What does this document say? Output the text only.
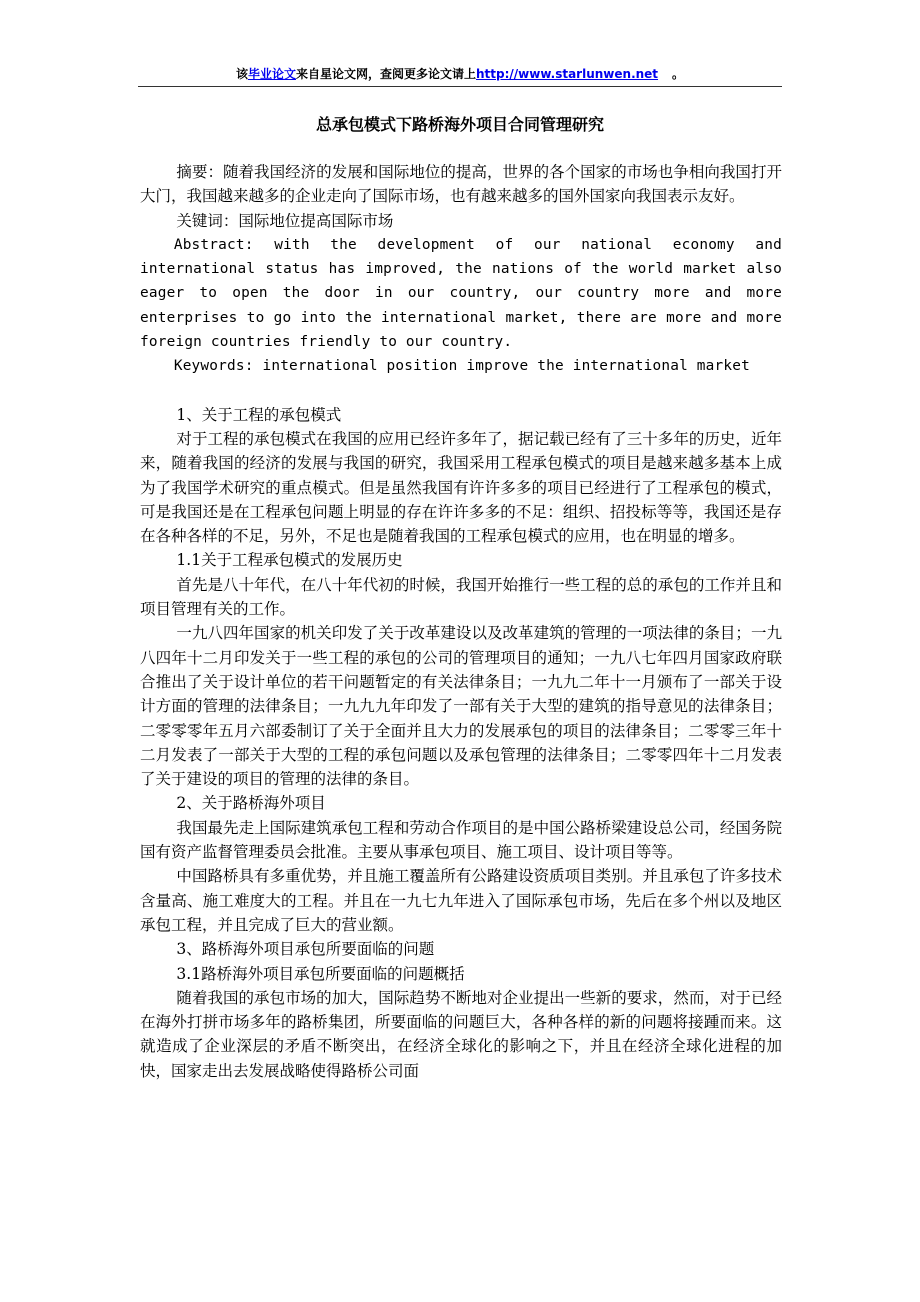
该毕业论文来自星论文网，查阅更多论文请上http://www.starlunwen.net 。
总承包模式下路桥海外项目合同管理研究

摘要：随着我国经济的发展和国际地位的提高，世界的各个国家的市场也争相向我国打开大门，我国越来越多的企业走向了国际市场，也有越来越多的国外国家向我国表示友好。

关键词：国际地位提高国际市场

Abstract: with the development of our national economy and international status has improved, the nations of the world market also eager to open the door in our country, our country more and more enterprises to go into the international market, there are more and more foreign countries friendly to our country.

Keywords: international position improve the international market

1、关于工程的承包模式

对于工程的承包模式在我国的应用已经许多年了，据记载已经有了三十多年的历史，近年来，随着我国的经济的发展与我国的研究，我国采用工程承包模式的项目是越来越多基本上成为了我国学术研究的重点模式。但是虽然我国有许许多多的项目已经进行了工程承包的模式，可是我国还是在工程承包问题上明显的存在许许多多的不足：组织、招投标等等，我国还是存在各种各样的不足，另外，不足也是随着我国的工程承包模式的应用，也在明显的增多。

1.1关于工程承包模式的发展历史

首先是八十年代，在八十年代初的时候，我国开始推行一些工程的总的承包的工作并且和项目管理有关的工作。

一九八四年国家的机关印发了关于改革建设以及改革建筑的管理的一项法律的条目；一九八四年十二月印发关于一些工程的承包的公司的管理项目的通知；一九八七年四月国家政府联合推出了关于设计单位的若干问题暂定的有关法律条目；一九九二年十一月颁布了一部关于设计方面的管理的法律条目；一九九九年印发了一部有关于大型的建筑的指导意见的法律条目；二零零零年五月六部委制订了关于全面并且大力的发展承包的项目的法律条目；二零零三年十二月发表了一部关于大型的工程的承包问题以及承包管理的法律条目；二零零四年十二月发表了关于建设的项目的管理的法律的条目。

2、关于路桥海外项目

我国最先走上国际建筑承包工程和劳动合作项目的是中国公路桥梁建设总公司，经国务院国有资产监督管理委员会批准。主要从事承包项目、施工项目、设计项目等等。

中国路桥具有多重优势，并且施工覆盖所有公路建设资质项目类别。并且承包了许多技术含量高、施工难度大的工程。并且在一九七九年进入了国际承包市场，先后在多个州以及地区承包工程，并且完成了巨大的营业额。

3、路桥海外项目承包所要面临的问题

3.1路桥海外项目承包所要面临的问题概括

随着我国的承包市场的加大，国际趋势不断地对企业提出一些新的要求，然而，对于已经在海外打拼市场多年的路桥集团，所要面临的问题巨大，各种各样的新的问题将接踵而来。这就造成了企业深层的矛盾不断突出，在经济全球化的影响之下，并且在经济全球化进程的加快，国家走出去发展战略使得路桥公司面
